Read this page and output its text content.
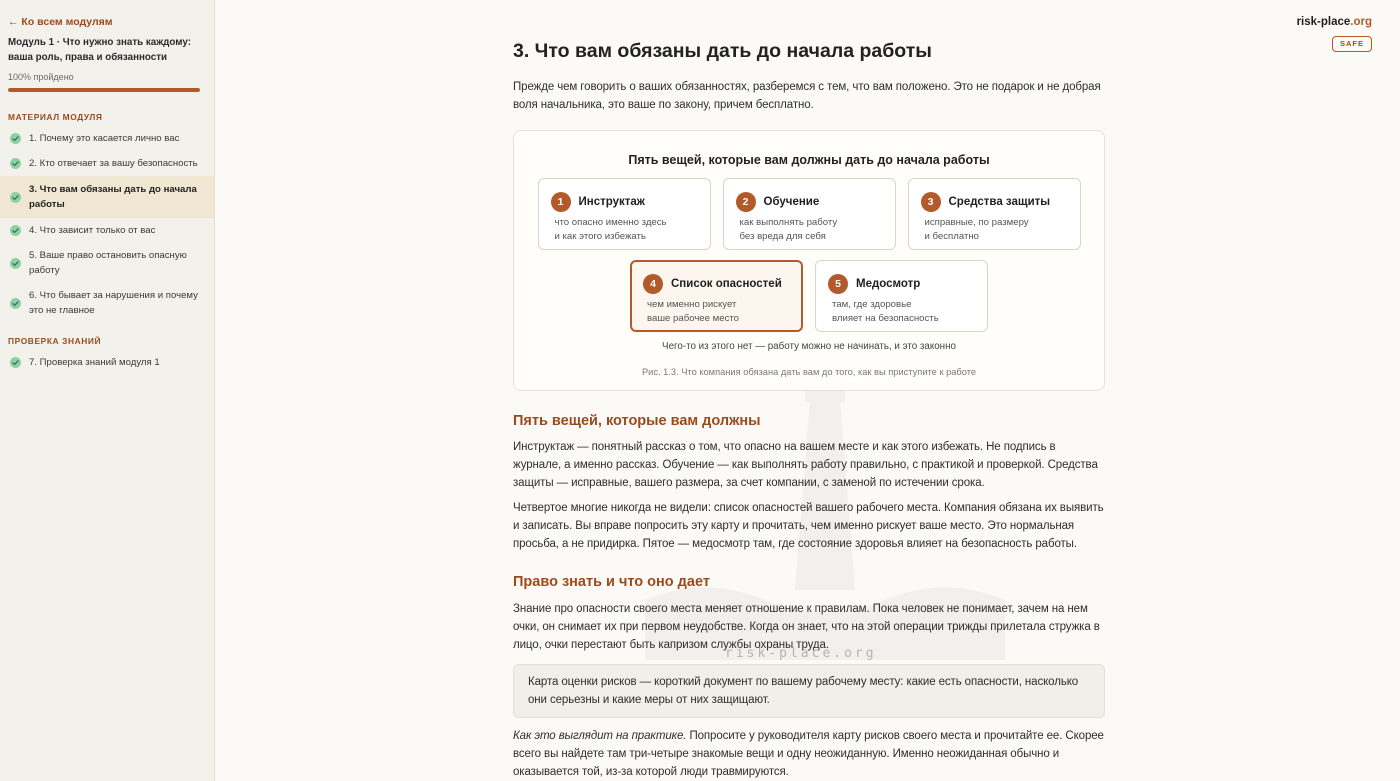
← Ко всем модулям
Модуль 1 · Что нужно знать каждому: ваша роль, права и обязанности
100% пройдено
МАТЕРИАЛ МОДУЛЯ
1. Почему это касается лично вас
2. Кто отвечает за вашу безопасность
3. Что вам обязаны дать до начала работы
4. Что зависит только от вас
5. Ваше право остановить опасную работу
6. Что бывает за нарушения и почему это не главное
ПРОВЕРКА ЗНАНИЙ
7. Проверка знаний модуля 1
risk-place.org
SAFE
3. Что вам обязаны дать до начала работы

Прежде чем говорить о ваших обязанностях, разберемся с тем, что вам положено. Это не подарок и не добрая воля начальника, это ваше по закону, причем бесплатно.

Пять вещей, которые вам должны дать до начала работы
1	Инструктаж
что опасно именно здесь
и как этого избежать
2	Обучение
как выполнять работу
без вреда для себя
3	Средства защиты
исправные, по размеру
и бесплатно
4	Список опасностей
чем именно рискует
ваше рабочее место
5	Медосмотр
там, где здоровье
влияет на безопасность
Чего-то из этого нет — работу можно не начинать, и это законно
Рис. 1.3. Что компания обязана дать вам до того, как вы приступите к работе
Пять вещей, которые вам должны

Инструктаж — понятный рассказ о том, что опасно на вашем месте и как этого избежать. Не подпись в журнале, а именно рассказ. Обучение — как выполнять работу правильно, с практикой и проверкой. Средства защиты — исправные, вашего размера, за счет компании, с заменой по истечении срока.

Четвертое многие никогда не видели: список опасностей вашего рабочего места. Компания обязана их выявить и записать. Вы вправе попросить эту карту и прочитать, чем именно рискует ваше место. Это нормальная просьба, а не придирка. Пятое — медосмотр там, где состояние здоровья влияет на безопасность работы.

Право знать и что оно дает

Знание про опасности своего места меняет отношение к правилам. Пока человек не понимает, зачем на нем очки, он снимает их при первом неудобстве. Когда он знает, что на этой операции трижды прилетала стружка в лицо, очки перестают быть капризом службы охраны труда.

Карта оценки рисков — короткий документ по вашему рабочему месту: какие есть опасности, насколько они серьезны и какие меры от них защищают.

Как это выглядит на практике. Попросите у руководителя карту рисков своего места и прочитайте ее. Скорее всего вы найдете там три-четыре знакомые вещи и одну неожиданную. Именно неожиданная обычно и оказывается той, из-за которой люди травмируются.

risk-place.org
